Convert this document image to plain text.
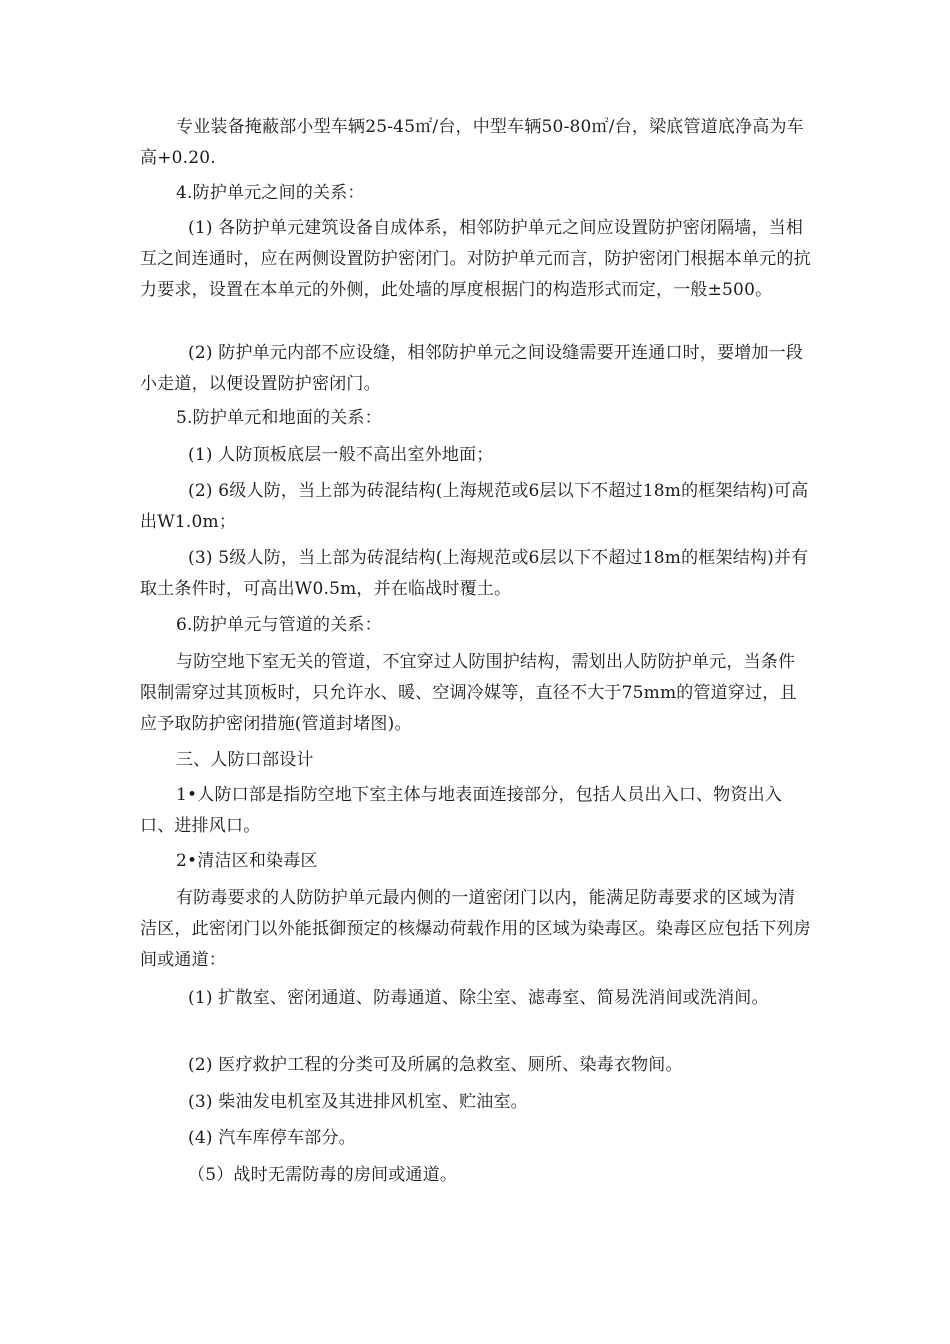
专业装备掩蔽部小型车辆25-45㎡/台，中型车辆50-80㎡/台，梁底管道底净高为车高+0.20.

4.防护单元之间的关系：

(1) 各防护单元建筑设备自成体系，相邻防护单元之间应设置防护密闭隔墙，当相互之间连通时，应在两侧设置防护密闭门。对防护单元而言，防护密闭门根据本单元的抗力要求，设置在本单元的外侧，此处墙的厚度根据门的构造形式而定，一般±500。

(2) 防护单元内部不应设缝，相邻防护单元之间设缝需要开连通口时，要增加一段小走道，以便设置防护密闭门。

5.防护单元和地面的关系：

(1) 人防顶板底层一般不高出室外地面；

(2) 6级人防，当上部为砖混结构(上海规范或6层以下不超过18m的框架结构)可高出W1.0m；

(3) 5级人防，当上部为砖混结构(上海规范或6层以下不超过18m的框架结构)并有取土条件时，可高出W0.5m，并在临战时覆土。

6.防护单元与管道的关系：

与防空地下室无关的管道，不宜穿过人防围护结构，需划出人防防护单元，当条件限制需穿过其顶板时，只允许水、暖、空调冷媒等，直径不大于75mm的管道穿过，且应予取防护密闭措施(管道封堵图)。

三、人防口部设计

1•人防口部是指防空地下室主体与地表面连接部分，包括人员出入口、物资出入口、进排风口。

2•清洁区和染毒区

有防毒要求的人防防护单元最内侧的一道密闭门以内，能满足防毒要求的区域为清洁区，此密闭门以外能抵御预定的核爆动荷载作用的区域为染毒区。染毒区应包括下列房间或通道：

(1) 扩散室、密闭通道、防毒通道、除尘室、滤毒室、简易洗消间或洗消间。

(2) 医疗救护工程的分类可及所属的急救室、厕所、染毒衣物间。

(3) 柴油发电机室及其进排风机室、贮油室。

(4) 汽车库停车部分。

（5）战时无需防毒的房间或通道。
